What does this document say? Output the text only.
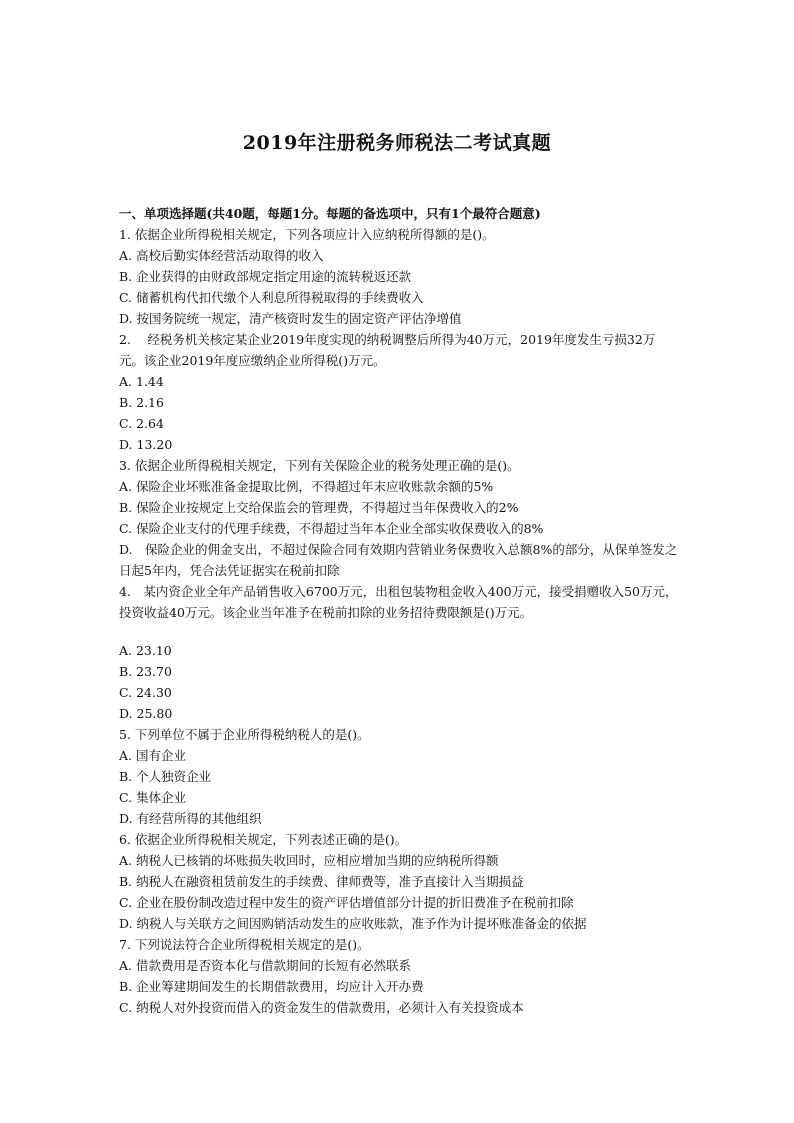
2019年注册税务师税法二考试真题
一、单项选择题(共40题，每题1分。每题的备选项中，只有1个最符合题意)
1. 依据企业所得税相关规定，下列各项应计入应纳税所得额的是()。
A. 高校后勤实体经营活动取得的收入
B. 企业获得的由财政部规定指定用途的流转税返还款
C. 储蓄机构代扣代缴个人利息所得税取得的手续费收入
D. 按国务院统一规定，清产核资时发生的固定资产评估净增值
2.　 经税务机关核定某企业2019年度实现的纳税调整后所得为40万元，2019年度发生亏损32万元。该企业2019年度应缴纳企业所得税()万元。
A. 1.44
B. 2.16
C. 2.64
D. 13.20
3. 依据企业所得税相关规定，下列有关保险企业的税务处理正确的是()。
A. 保险企业坏账准备金提取比例，不得超过年末应收账款余额的5%
B. 保险企业按规定上交给保监会的管理费，不得超过当年保费收入的2%
C. 保险企业支付的代理手续费，不得超过当年本企业全部实收保费收入的8%
D.　保险企业的佣金支出，不超过保险合同有效期内营销业务保费收入总额8%的部分，从保单签发之日起5年内，凭合法凭证据实在税前扣除
4.　某内资企业全年产品销售收入6700万元，出租包装物租金收入400万元，接受捐赠收入50万元，投资收益40万元。该企业当年准予在税前扣除的业务招待费限额是()万元。
A. 23.10
B. 23.70
C. 24.30
D. 25.80
5. 下列单位不属于企业所得税纳税人的是()。
A. 国有企业
B. 个人独资企业
C. 集体企业
D. 有经营所得的其他组织
6. 依据企业所得税相关规定，下列表述正确的是()。
A. 纳税人已核销的坏账损失收回时，应相应增加当期的应纳税所得额
B. 纳税人在融资租赁前发生的手续费、律师费等，准予直接计入当期损益
C. 企业在股份制改造过程中发生的资产评估增值部分计提的折旧费准予在税前扣除
D. 纳税人与关联方之间因购销活动发生的应收账款，准予作为计提坏账准备金的依据
7. 下列说法符合企业所得税相关规定的是()。
A. 借款费用是否资本化与借款期间的长短有必然联系
B. 企业筹建期间发生的长期借款费用，均应计入开办费
C. 纳税人对外投资而借入的资金发生的借款费用，必须计入有关投资成本
